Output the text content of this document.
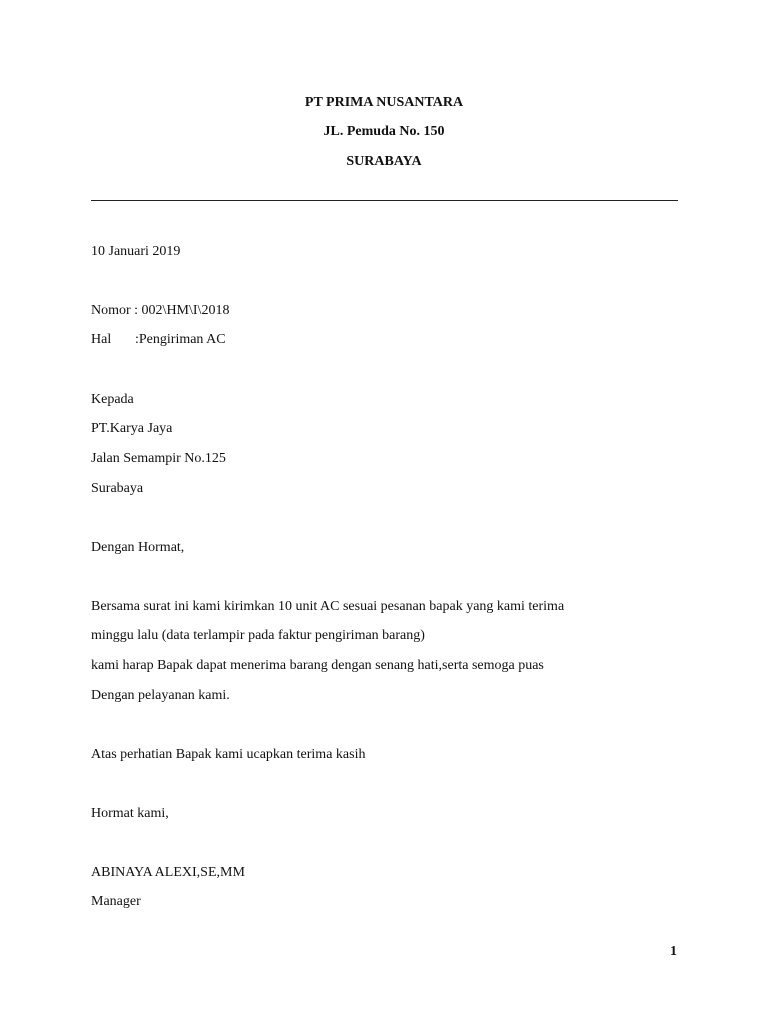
PT PRIMA NUSANTARA
JL. Pemuda No. 150
SURABAYA
10 Januari 2019
Nomor : 002\HM\I\2018
Hal :Pengiriman AC
Kepada
PT.Karya Jaya
Jalan Semampir No.125
Surabaya
Dengan Hormat,
Bersama surat ini kami kirimkan 10 unit AC sesuai pesanan bapak yang kami terima
minggu lalu (data terlampir pada faktur pengiriman barang)
kami harap Bapak dapat menerima barang dengan senang hati,serta semoga puas
Dengan pelayanan kami.
Atas perhatian Bapak kami ucapkan terima kasih
Hormat kami,
ABINAYA ALEXI,SE,MM
Manager
1
